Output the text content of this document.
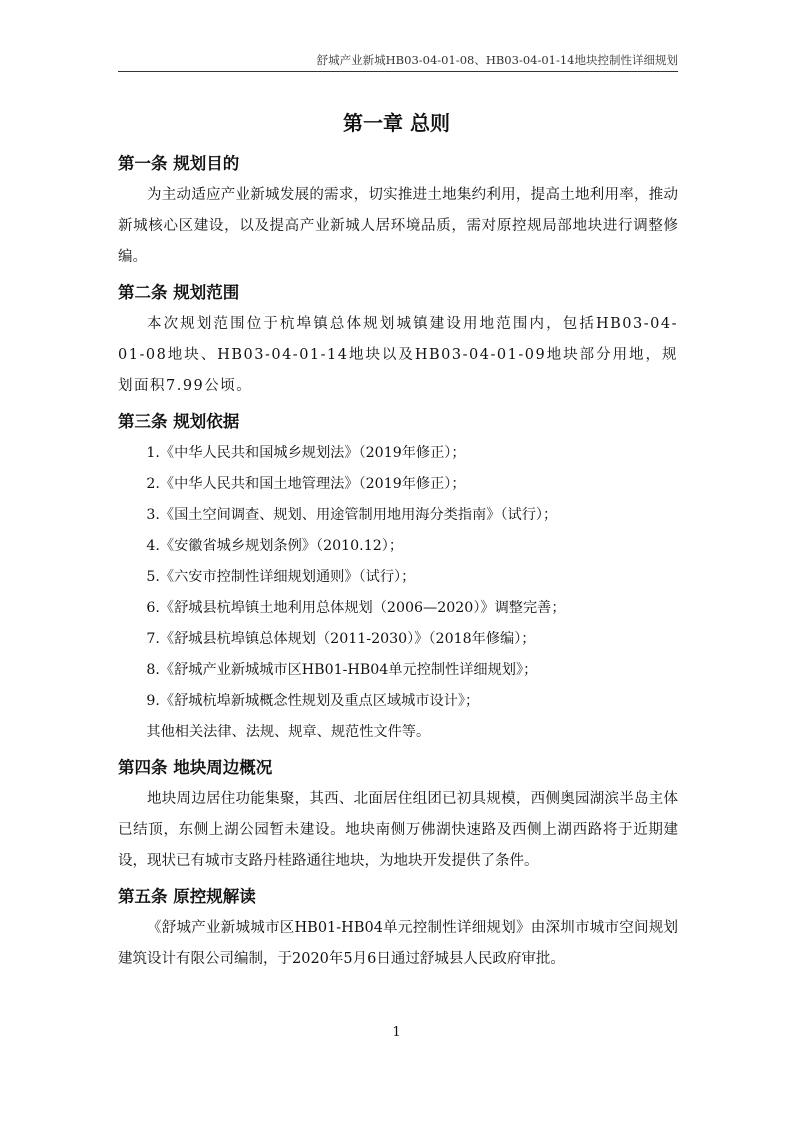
舒城产业新城HB03-04-01-08、HB03-04-01-14地块控制性详细规划
第一章 总则
第一条 规划目的

为主动适应产业新城发展的需求，切实推进土地集约利用，提高土地利用率，推动新城核心区建设，以及提高产业新城人居环境品质，需对原控规局部地块进行调整修编。

第二条 规划范围

本次规划范围位于杭埠镇总体规划城镇建设用地范围内，包括HB03-04-01-08地块、HB03-04-01-14地块以及HB03-04-01-09地块部分用地，规划面积7.99公顷。

第三条 规划依据

1.《中华人民共和国城乡规划法》（2019年修正）；

2.《中华人民共和国土地管理法》（2019年修正）；

3.《国土空间调查、规划、用途管制用地用海分类指南》（试行）；

4.《安徽省城乡规划条例》（2010.12）；

5.《六安市控制性详细规划通则》（试行）；

6.《舒城县杭埠镇土地利用总体规划（2006—2020）》调整完善；

7.《舒城县杭埠镇总体规划（2011-2030）》（2018年修编）；

8.《舒城产业新城城市区HB01-HB04单元控制性详细规划》；

9.《舒城杭埠新城概念性规划及重点区域城市设计》；

其他相关法律、法规、规章、规范性文件等。

第四条 地块周边概况

地块周边居住功能集聚，其西、北面居住组团已初具规模，西侧奥园湖滨半岛主体已结顶，东侧上湖公园暂未建设。地块南侧万佛湖快速路及西侧上湖西路将于近期建设，现状已有城市支路丹桂路通往地块，为地块开发提供了条件。

第五条 原控规解读

《舒城产业新城城市区HB01-HB04单元控制性详细规划》由深圳市城市空间规划建筑设计有限公司编制，于2020年5月6日通过舒城县人民政府审批。

1
